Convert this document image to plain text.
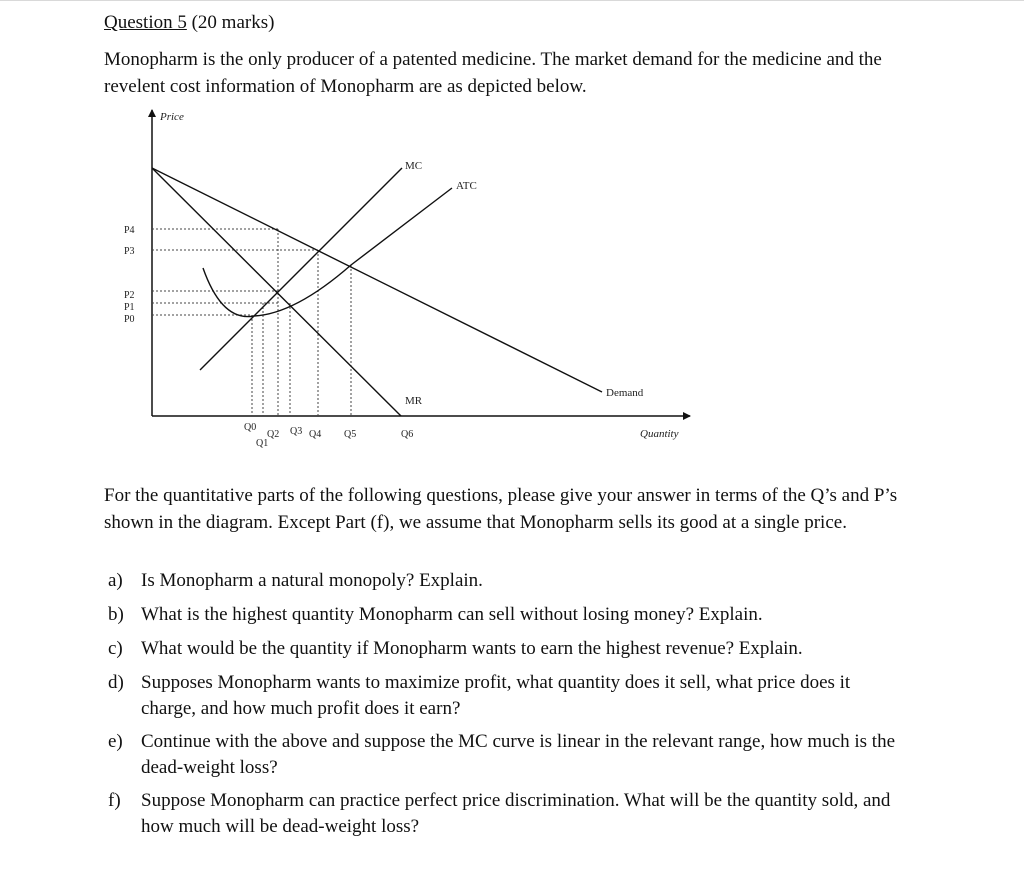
Question 5 (20 marks)

Monopharm is the only producer of a patented medicine. The market demand for the medicine and the revelent cost information of Monopharm are as depicted below.

Price
Quantity
MC
ATC
Demand
MR
P4
P3
P2
P1
P0
Q0
Q1
Q2 Q3 Q4 Q5	Q6

For the quantitative parts of the following questions, please give your answer in terms of the Q’s and P’s shown in the diagram. Except Part (f), we assume that Monopharm sells its good at a single price.

a) Is Monopharm a natural monopoly? Explain.
b) What is the highest quantity Monopharm can sell without losing money? Explain.
c) What would be the quantity if Monopharm wants to earn the highest revenue? Explain.
d) Supposes Monopharm wants to maximize profit, what quantity does it sell, what price does it charge, and how much profit does it earn?
e) Continue with the above and suppose the MC curve is linear in the relevant range, how much is the dead-weight loss?
f) Suppose Monopharm can practice perfect price discrimination. What will be the quantity sold, and how much will be dead-weight loss?
